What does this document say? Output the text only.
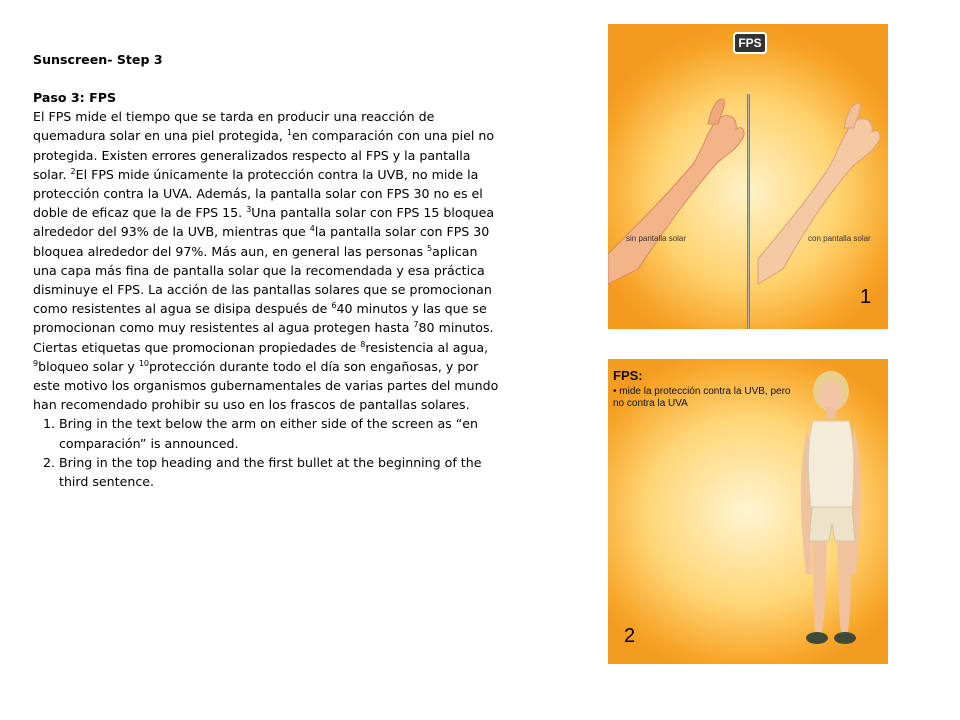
Sunscreen- Step 3

Paso 3: FPS

El FPS mide el tiempo que se tarda en producir una reacción de quemadura solar en una piel protegida, $^1$en comparación con una piel no protegida. Existen errores generalizados respecto al FPS y la pantalla solar. $^2$El FPS mide únicamente la protección contra la UVB, no mide la protección contra la UVA. Además, la pantalla solar con FPS 30 no es el doble de eficaz que la de FPS 15. $^3$Una pantalla solar con FPS 15 bloquea alrededor del 93% de la UVB, mientras que $^4$la pantalla solar con FPS 30 bloquea alrededor del 97%. Más aun, en general las personas $^5$aplican una capa más fina de pantalla solar que la recomendada y esa práctica disminuye el FPS. La acción de las pantallas solares que se promocionan como resistentes al agua se disipa después de $^6$40 minutos y las que se promocionan como muy resistentes al agua protegen hasta $^7$80 minutos. Ciertas etiquetas que promocionan propiedades de $^8$resistencia al agua, $^9$bloqueo solar y $^{10}$protección durante todo el día son engañosas, y por este motivo los organismos gubernamentales de varias partes del mundo han recomendado prohibir su uso en los frascos de pantallas solares.

1. Bring in the text below the arm on either side of the screen as “en comparación” is announced.
2. Bring in the top heading and the first bullet at the beginning of the third sentence.
FPS
sin pantalla solar	con pantalla solar
1
FPS:
• mide la protección contra la UVB, pero no contra la UVA
2
